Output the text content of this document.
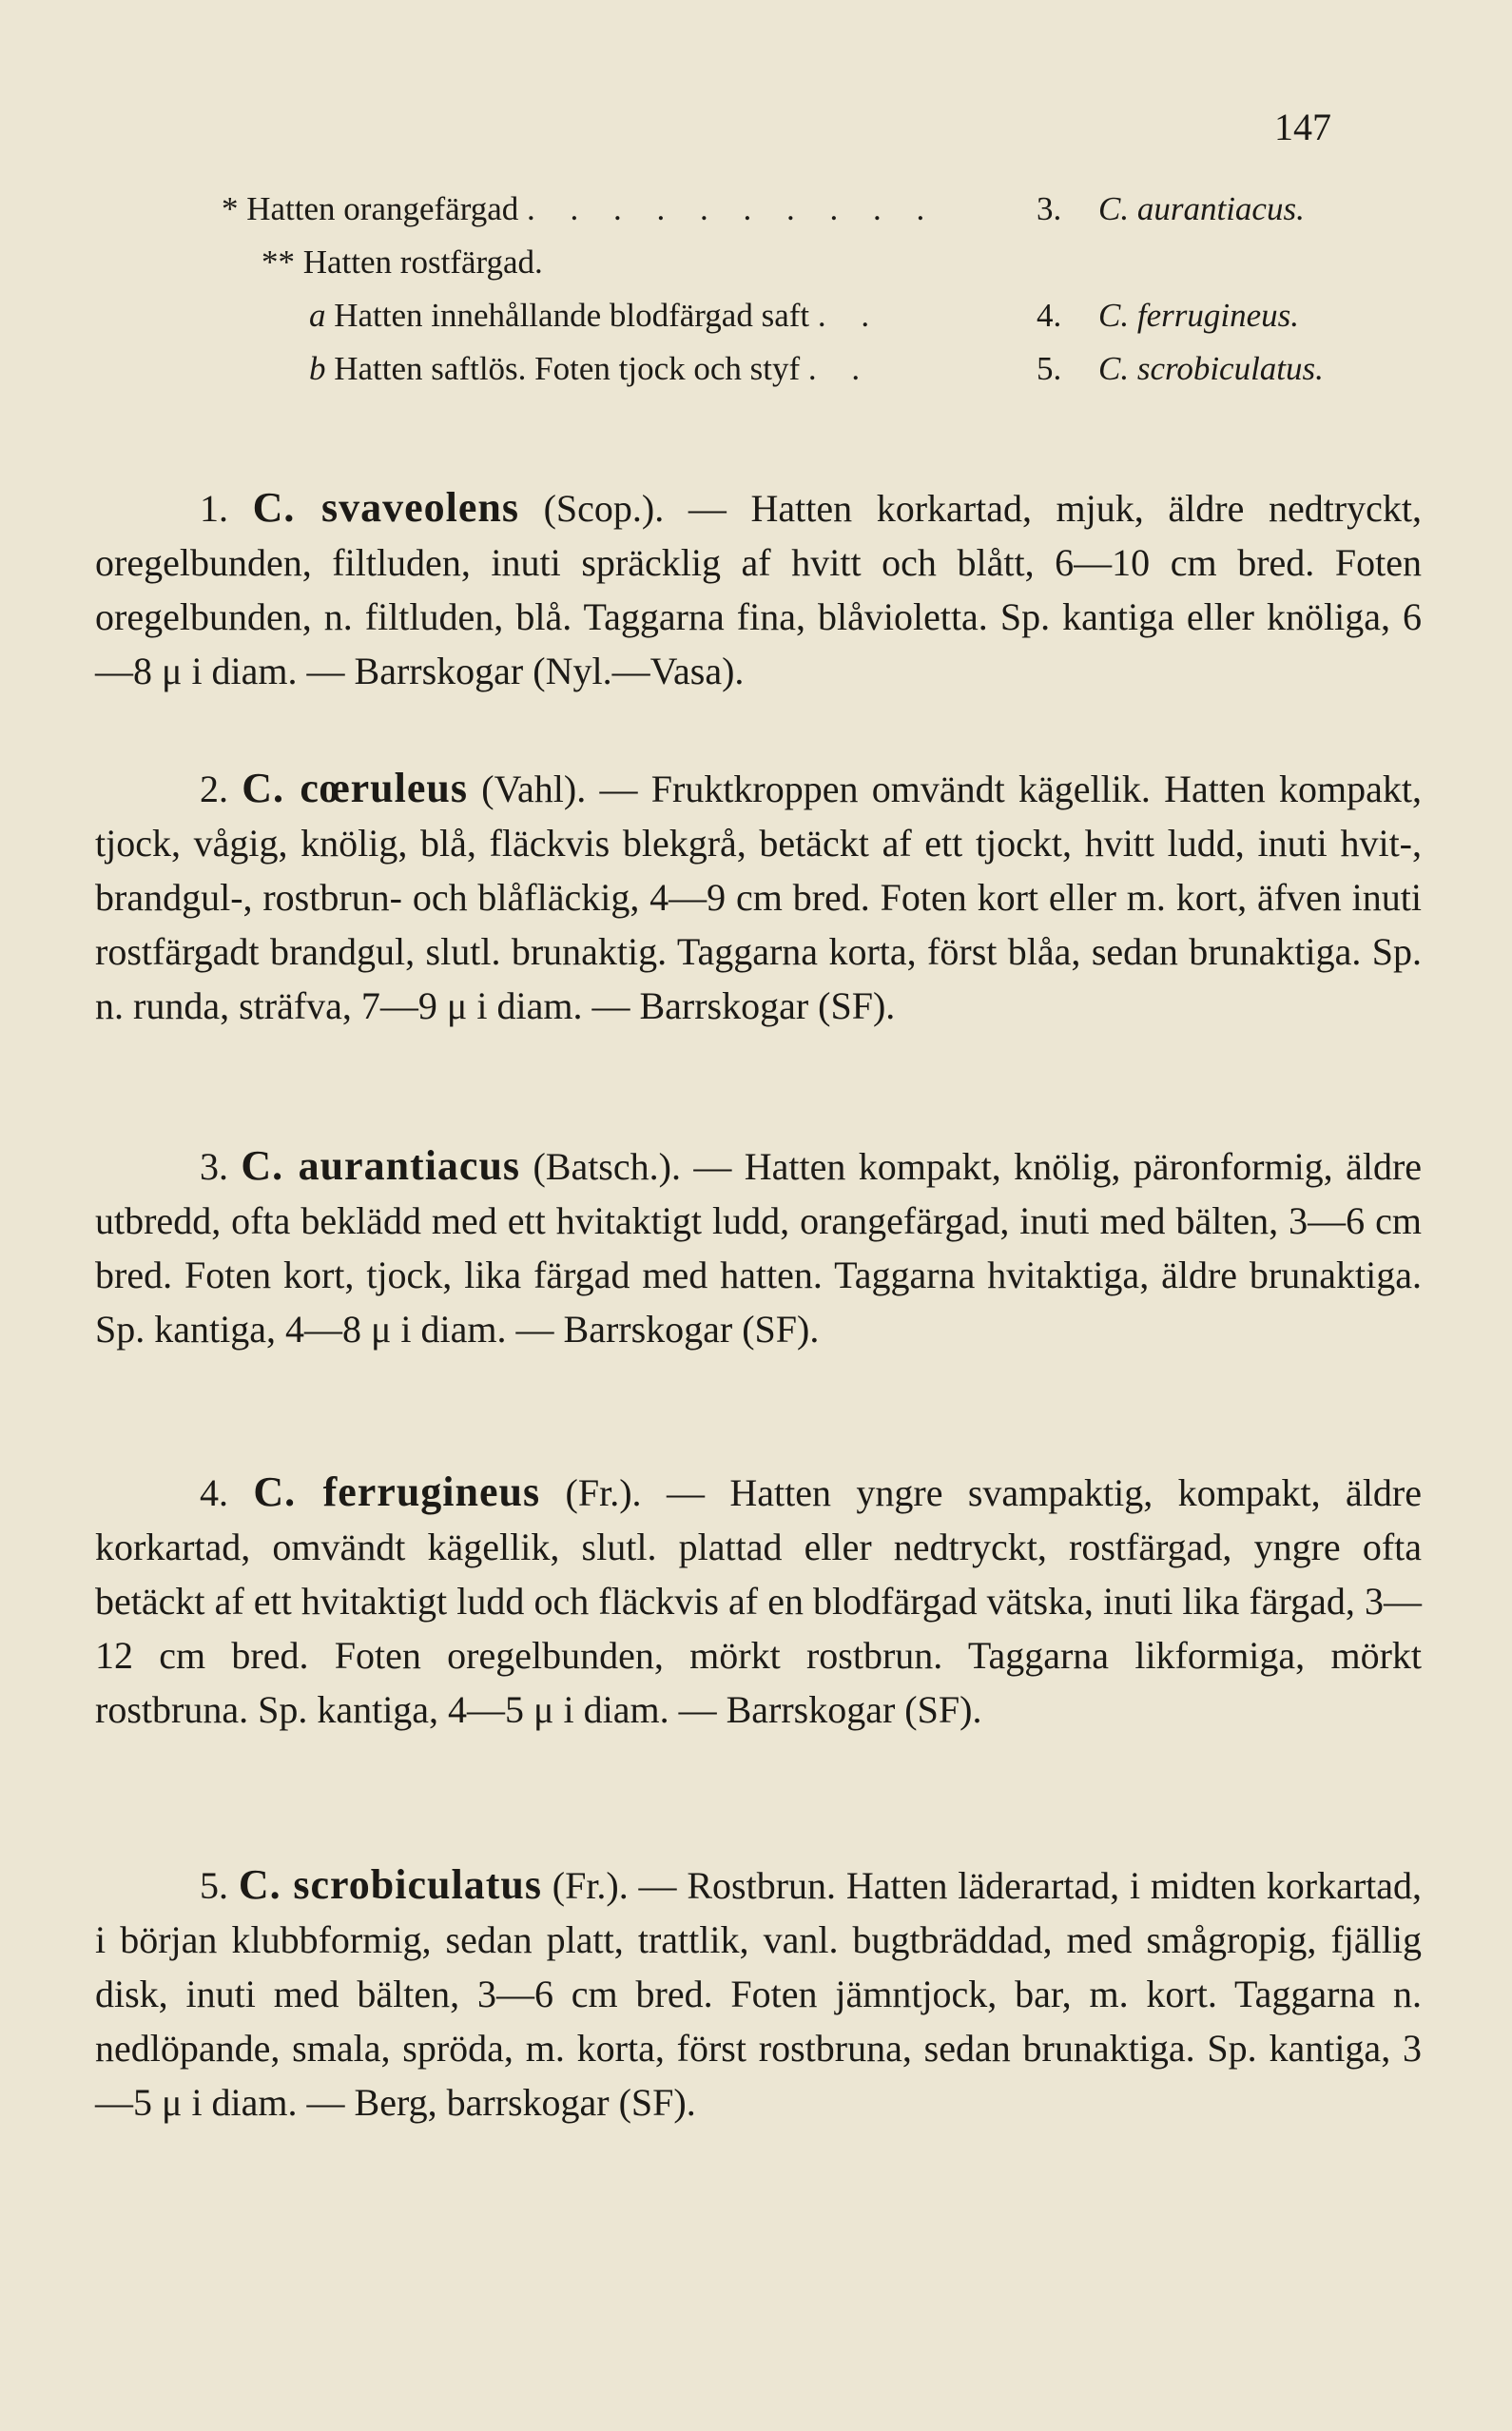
147
* Hatten orangefärgad . . . . . . . . . .	3. C. aurantiacus.
** Hatten rostfärgad.
a Hatten innehållande blodfärgad saft . .	4. C. ferrugineus.
b Hatten saftlös. Foten tjock och styf . .	5. C. scrobiculatus.

1. C. svaveolens (Scop.). — Hatten korkartad, mjuk, äldre nedtryckt, oregelbunden, filtluden, inuti spräcklig af hvitt och blått, 6—10 cm bred. Foten oregelbunden, n. filtluden, blå. Taggarna fina, blåvioletta. Sp. kantiga eller knöliga, 6—8 μ i diam. — Barrskogar (Nyl.—Vasa).

2. C. cœruleus (Vahl). — Fruktkroppen omvändt kägellik. Hatten kompakt, tjock, vågig, knölig, blå, fläckvis blekgrå, betäckt af ett tjockt, hvitt ludd, inuti hvit-, brandgul-, rostbrun- och blåfläckig, 4—9 cm bred. Foten kort eller m. kort, äfven inuti rostfärgadt brandgul, slutl. brunaktig. Taggarna korta, först blåa, sedan brunaktiga. Sp. n. runda, sträfva, 7—9 μ i diam. — Barrskogar (SF).

3. C. aurantiacus (Batsch.). — Hatten kompakt, knölig, päronformig, äldre utbredd, ofta beklädd med ett hvitaktigt ludd, orangefärgad, inuti med bälten, 3—6 cm bred. Foten kort, tjock, lika färgad med hatten. Taggarna hvitaktiga, äldre brunaktiga. Sp. kantiga, 4—8 μ i diam. — Barrskogar (SF).

4. C. ferrugineus (Fr.). — Hatten yngre svampaktig, kompakt, äldre korkartad, omvändt kägellik, slutl. plattad eller nedtryckt, rostfärgad, yngre ofta betäckt af ett hvitaktigt ludd och fläckvis af en blodfärgad vätska, inuti lika färgad, 3—12 cm bred. Foten oregelbunden, mörkt rostbrun. Taggarna likformiga, mörkt rostbruna. Sp. kantiga, 4—5 μ i diam. — Barrskogar (SF).

5. C. scrobiculatus (Fr.). — Rostbrun. Hatten läderartad, i midten korkartad, i början klubbformig, sedan platt, trattlik, vanl. bugtbräddad, med smågropig, fjällig disk, inuti med bälten, 3—6 cm bred. Foten jämntjock, bar, m. kort. Taggarna n. nedlöpande, smala, spröda, m. korta, först rostbruna, sedan brunaktiga. Sp. kantiga, 3—5 μ i diam. — Berg, barrskogar (SF).
